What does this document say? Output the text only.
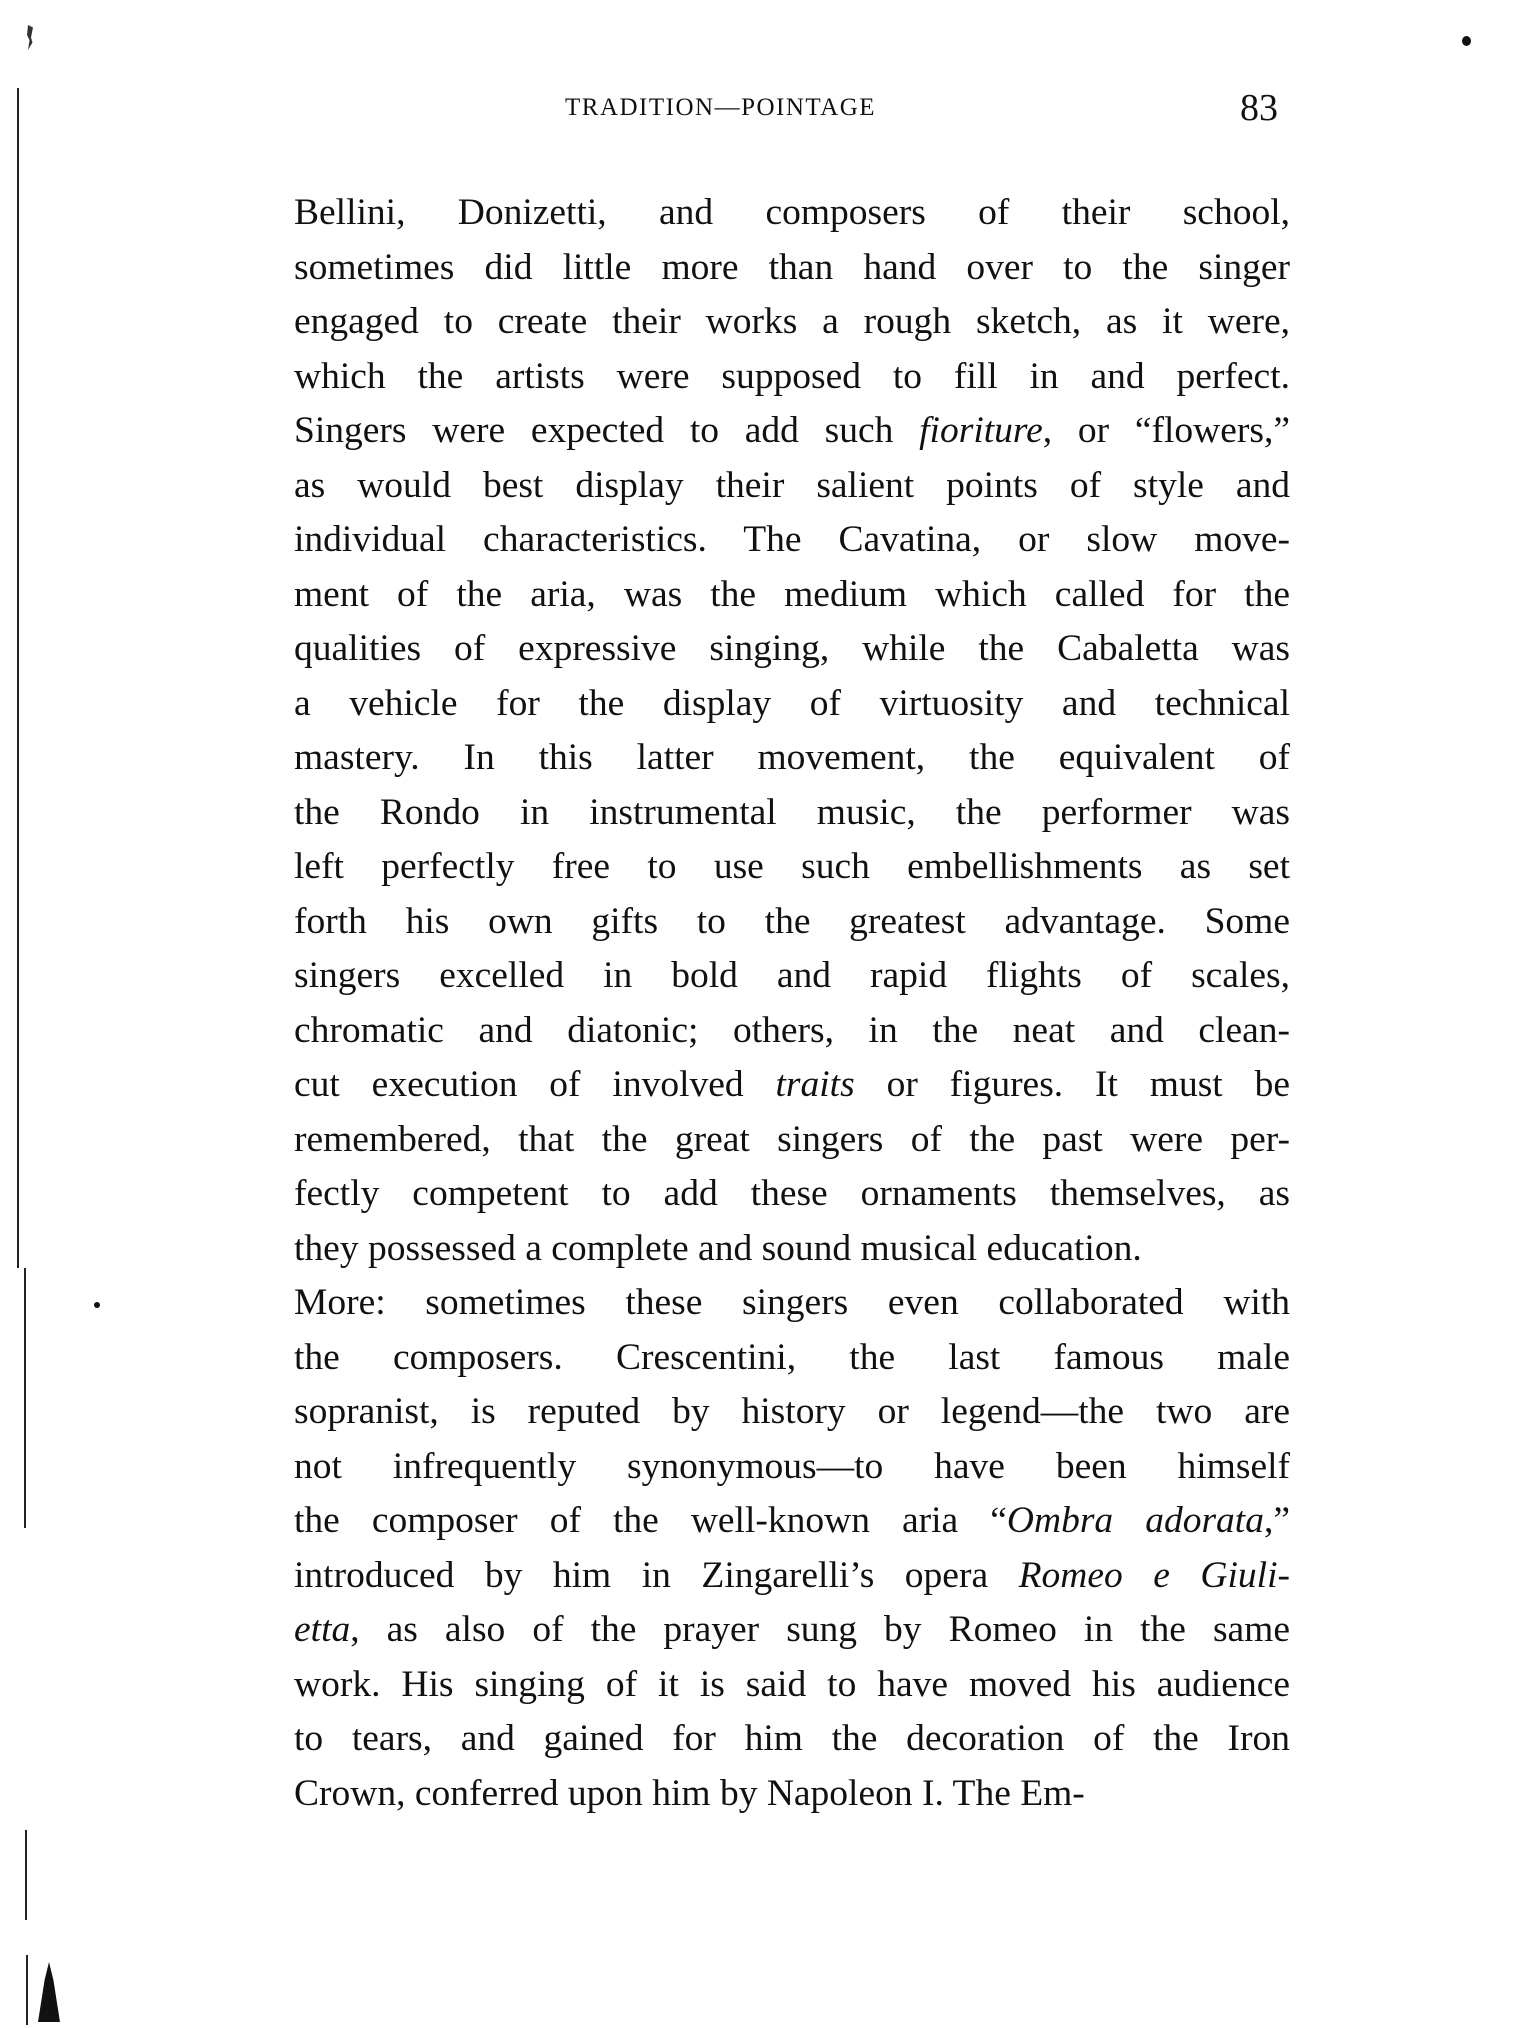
TRADITION—POINTAGE	83

Bellini, Donizetti, and composers of their school,
sometimes did little more than hand over to the singer
engaged to create their works a rough sketch, as it were,
which the artists were supposed to fill in and perfect.
Singers were expected to add such fioriture, or “flowers,”
as would best display their salient points of style and
individual characteristics. The Cavatina, or slow move-
ment of the aria, was the medium which called for the
qualities of expressive singing, while the Cabaletta was
a vehicle for the display of virtuosity and technical
mastery. In this latter movement, the equivalent of
the Rondo in instrumental music, the performer was
left perfectly free to use such embellishments as set
forth his own gifts to the greatest advantage. Some
singers excelled in bold and rapid flights of scales,
chromatic and diatonic; others, in the neat and clean-
cut execution of involved traits or figures. It must be
remembered, that the great singers of the past were per-
fectly competent to add these ornaments themselves, as
they possessed a complete and sound musical education.

More: sometimes these singers even collaborated with
the composers. Crescentini, the last famous male
sopranist, is reputed by history or legend—the two are
not infrequently synonymous—to have been himself
the composer of the well-known aria “Ombra adorata,”
introduced by him in Zingarelli’s opera Romeo e Giuli-
etta, as also of the prayer sung by Romeo in the same
work. His singing of it is said to have moved his audience
to tears, and gained for him the decoration of the Iron
Crown, conferred upon him by Napoleon I. The Em-
